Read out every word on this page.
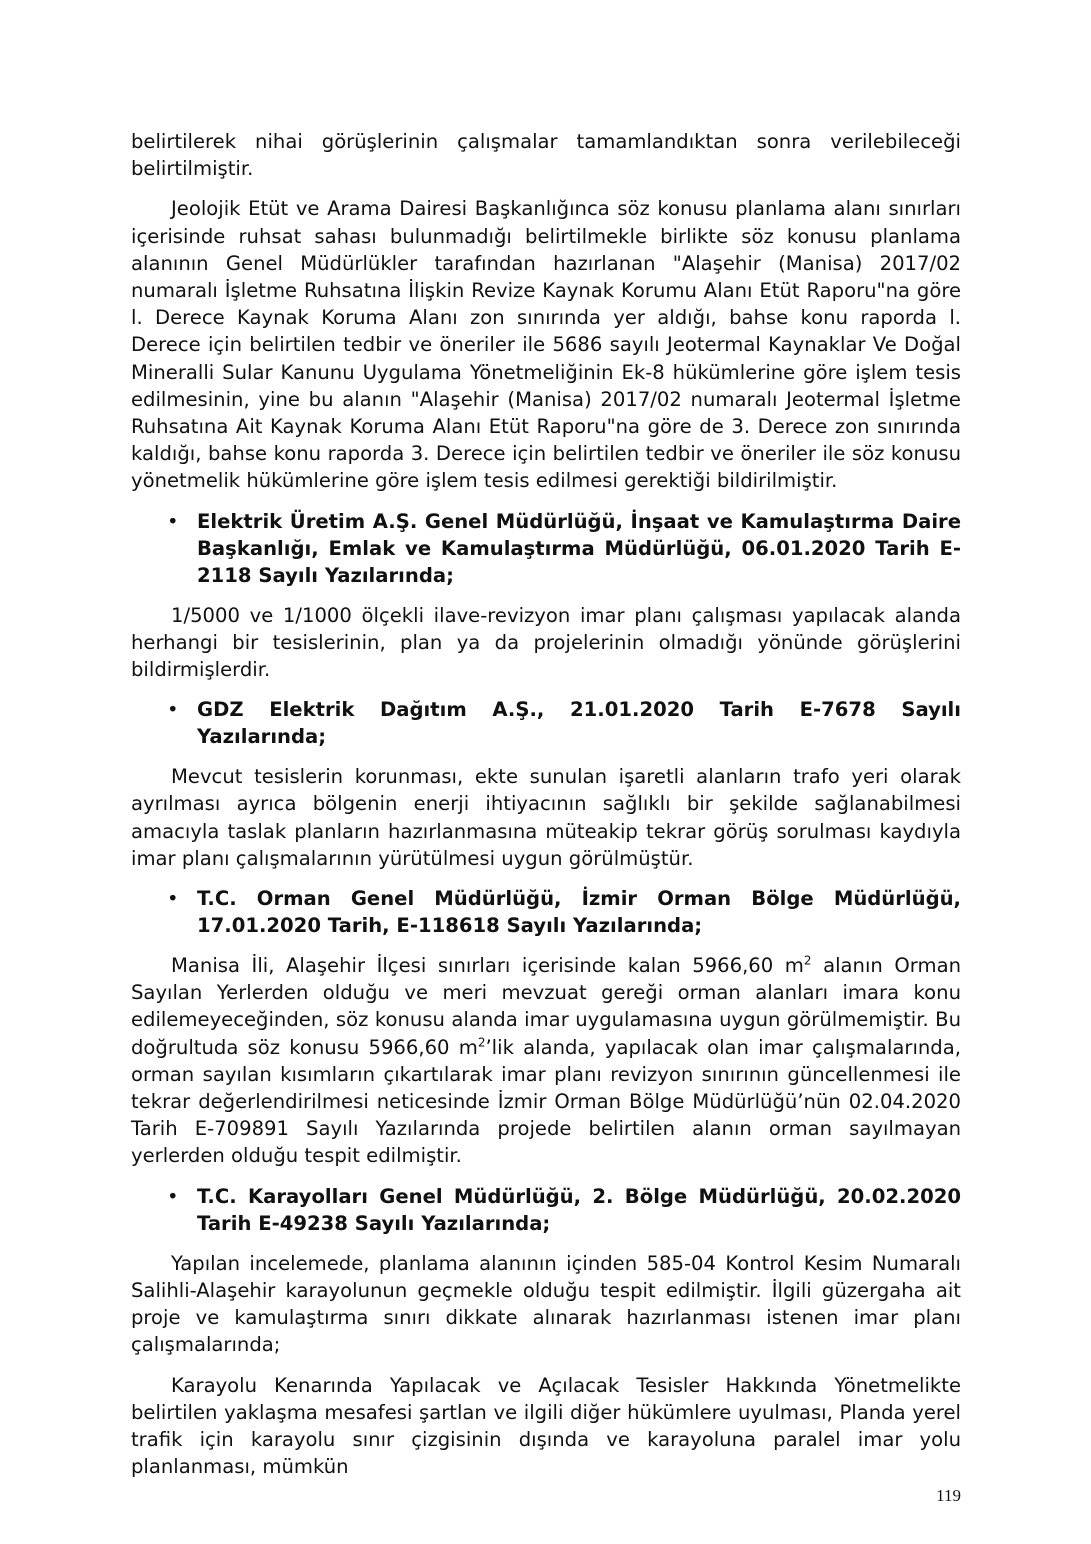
belirtilerek nihai görüşlerinin çalışmalar tamamlandıktan sonra verilebileceği belirtilmiştir.

Jeolojik Etüt ve Arama Dairesi Başkanlığınca söz konusu planlama alanı sınırları içerisinde ruhsat sahası bulunmadığı belirtilmekle birlikte söz konusu planlama alanının Genel Müdürlükler tarafından hazırlanan "Alaşehir (Manisa) 2017/02 numaralı İşletme Ruhsatına İlişkin Revize Kaynak Korumu Alanı Etüt Raporu"na göre l. Derece Kaynak Koruma Alanı zon sınırında yer aldığı, bahse konu raporda l. Derece için belirtilen tedbir ve öneriler ile 5686 sayılı Jeotermal Kaynaklar Ve Doğal Mineralli Sular Kanunu Uygulama Yönetmeliğinin Ek-8 hükümlerine göre işlem tesis edilmesinin, yine bu alanın "Alaşehir (Manisa) 2017/02 numaralı Jeotermal İşletme Ruhsatına Ait Kaynak Koruma Alanı Etüt Raporu"na göre de 3. Derece zon sınırında kaldığı, bahse konu raporda 3. Derece için belirtilen tedbir ve öneriler ile söz konusu yönetmelik hükümlerine göre işlem tesis edilmesi gerektiği bildirilmiştir.

• Elektrik Üretim A.Ş. Genel Müdürlüğü, İnşaat ve Kamulaştırma Daire Başkanlığı, Emlak ve Kamulaştırma Müdürlüğü, 06.01.2020 Tarih E-2118 Sayılı Yazılarında;

1/5000 ve 1/1000 ölçekli ilave-revizyon imar planı çalışması yapılacak alanda herhangi bir tesislerinin, plan ya da projelerinin olmadığı yönünde görüşlerini bildirmişlerdir.

• GDZ Elektrik Dağıtım A.Ş., 21.01.2020 Tarih E-7678 Sayılı Yazılarında;

Mevcut tesislerin korunması, ekte sunulan işaretli alanların trafo yeri olarak ayrılması ayrıca bölgenin enerji ihtiyacının sağlıklı bir şekilde sağlanabilmesi amacıyla taslak planların hazırlanmasına müteakip tekrar görüş sorulması kaydıyla imar planı çalışmalarının yürütülmesi uygun görülmüştür.

• T.C. Orman Genel Müdürlüğü, İzmir Orman Bölge Müdürlüğü, 17.01.2020 Tarih, E-118618 Sayılı Yazılarında;

Manisa İli, Alaşehir İlçesi sınırları içerisinde kalan 5966,60 $m^2$ alanın Orman Sayılan Yerlerden olduğu ve meri mevzuat gereği orman alanları imara konu edilemeyeceğinden, söz konusu alanda imar uygulamasına uygun görülmemiştir. Bu doğrultuda söz konusu 5966,60 $m^2’lik$ alanda, yapılacak olan imar çalışmalarında, orman sayılan kısımların çıkartılarak imar planı revizyon sınırının güncellenmesi ile tekrar değerlendirilmesi neticesinde İzmir Orman Bölge Müdürlüğü’nün 02.04.2020 Tarih E-709891 Sayılı Yazılarında projede belirtilen alanın orman sayılmayan yerlerden olduğu tespit edilmiştir.

• T.C. Karayolları Genel Müdürlüğü, 2. Bölge Müdürlüğü, 20.02.2020 Tarih E-49238 Sayılı Yazılarında;

Yapılan incelemede, planlama alanının içinden 585-04 Kontrol Kesim Numaralı Salihli-Alaşehir karayolunun geçmekle olduğu tespit edilmiştir. İlgili güzergaha ait proje ve kamulaştırma sınırı dikkate alınarak hazırlanması istenen imar planı çalışmalarında;

Karayolu Kenarında Yapılacak ve Açılacak Tesisler Hakkında Yönetmelikte belirtilen yaklaşma mesafesi şartlan ve ilgili diğer hükümlere uyulması, Planda yerel trafik için karayolu sınır çizgisinin dışında ve karayoluna paralel imar yolu planlanması, mümkün

119
